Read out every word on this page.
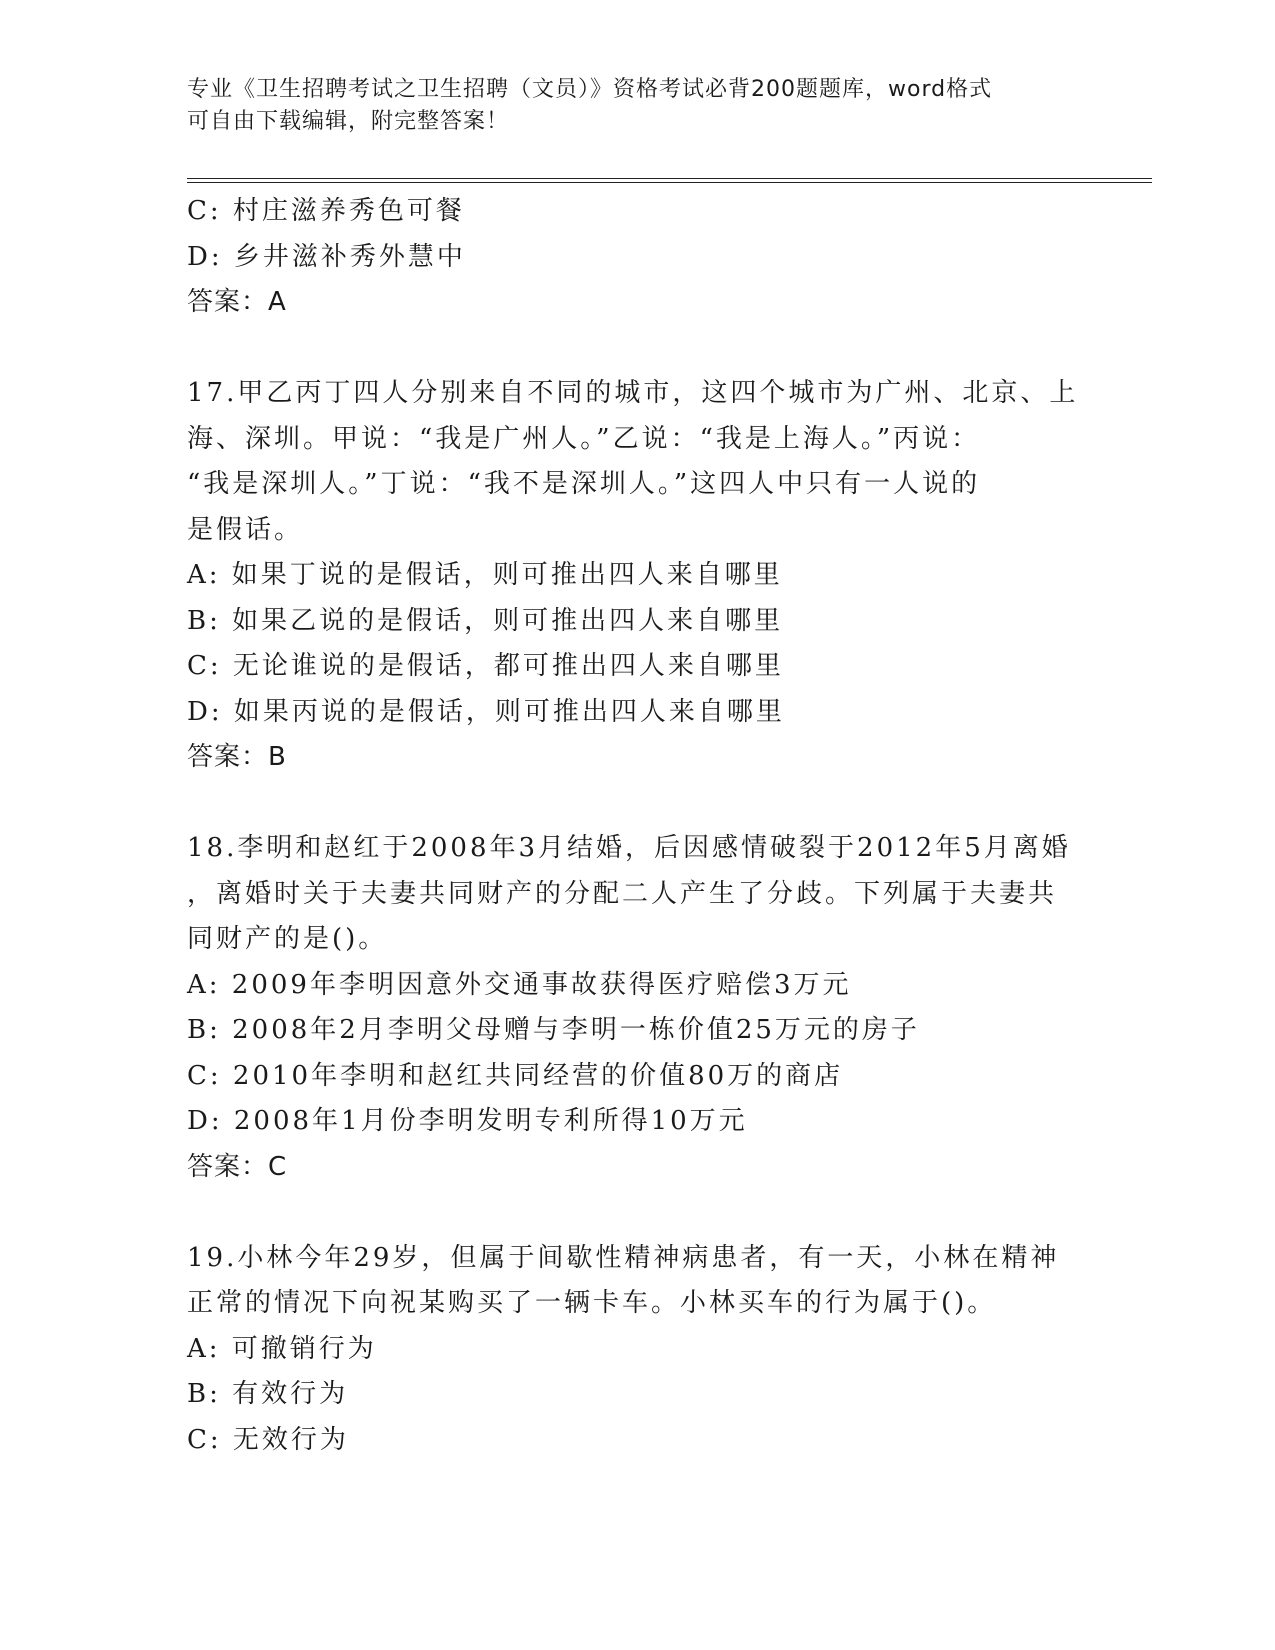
专业《卫生招聘考试之卫生招聘（文员）》资格考试必背200题题库，word格式
可自由下载编辑，附完整答案！
C: 村庄滋养秀色可餐
D: 乡井滋补秀外慧中
答案：A
17.甲乙丙丁四人分别来自不同的城市，这四个城市为广州、北京、上
海、深圳。甲说：“我是广州人。”乙说：“我是上海人。”丙说：
“我是深圳人。”丁说：“我不是深圳人。”这四人中只有一人说的
是假话。
A: 如果丁说的是假话，则可推出四人来自哪里
B: 如果乙说的是假话，则可推出四人来自哪里
C: 无论谁说的是假话，都可推出四人来自哪里
D: 如果丙说的是假话，则可推出四人来自哪里
答案：B
18.李明和赵红于2008年3月结婚，后因感情破裂于2012年5月离婚
，离婚时关于夫妻共同财产的分配二人产生了分歧。下列属于夫妻共
同财产的是()。
A: 2009年李明因意外交通事故获得医疗赔偿3万元
B: 2008年2月李明父母赠与李明一栋价值25万元的房子
C: 2010年李明和赵红共同经营的价值80万的商店
D: 2008年1月份李明发明专利所得10万元
答案：C
19.小林今年29岁，但属于间歇性精神病患者，有一天，小林在精神
正常的情况下向祝某购买了一辆卡车。小林买车的行为属于()。
A: 可撤销行为
B: 有效行为
C: 无效行为
